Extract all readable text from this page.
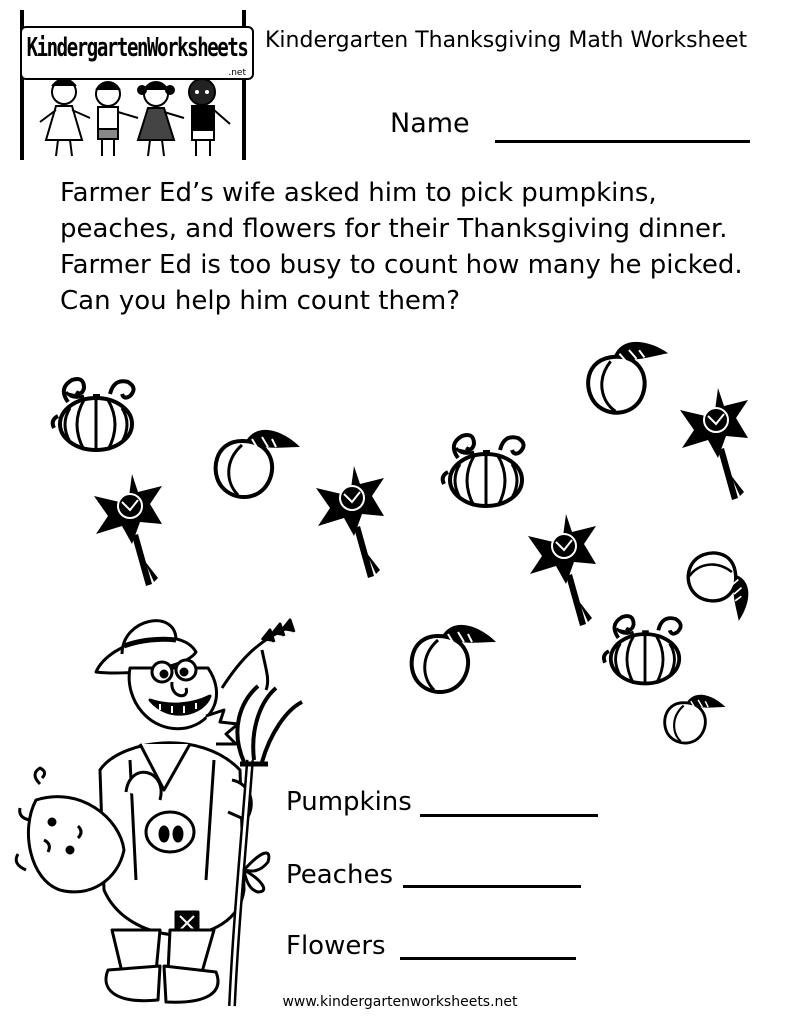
KindergartenWorksheets
.net
Kindergarten Thanksgiving Math Worksheet
Name
Farmer Ed’s wife asked him to pick pumpkins,
peaches, and flowers for their Thanksgiving dinner.
Farmer Ed is too busy to count how many he picked.
Can you help him count them?
Pumpkins
Peaches
Flowers
www.kindergartenworksheets.net
